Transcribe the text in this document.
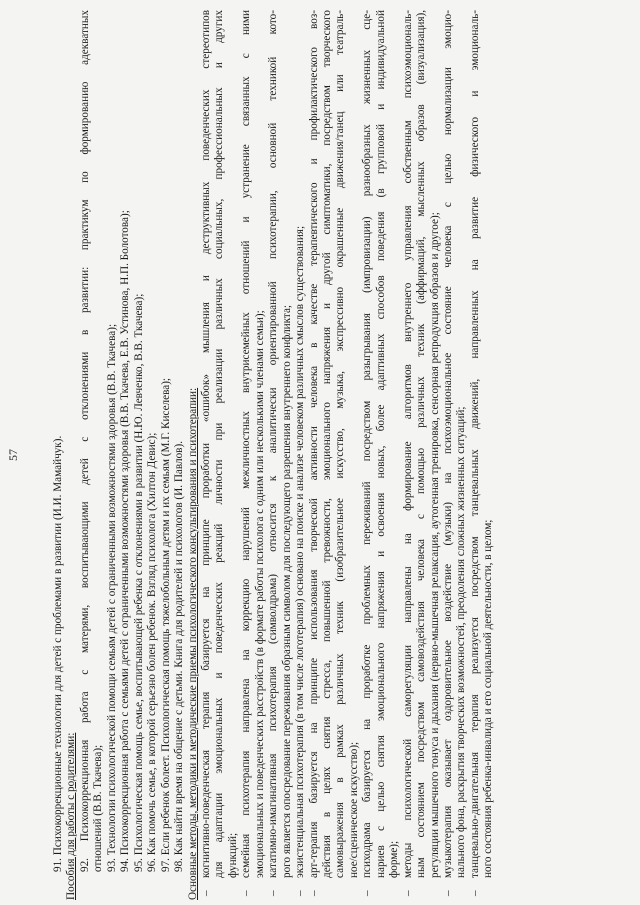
57	91. Психокоррекционные технологии для детей с проблемами в развитии (И.И. Мамайчук). Пособия для работы с родителями: 92. Психокоррекционная работа с матерями, воспитывающими детей с отклонениями в развитии: практикум по формированию адекватных отношений (В.В. Ткачева); 93. Технологии психологической помощи семьям детей с ограниченными возможностями здоровья (В.В. Ткачева); 94. Психокоррекционная работа с семьями детей с ограниченными возможностями здоровья (В.В. Ткачева, Е.В. Устинова, Н.П. Болотова); 95. Психологическая помощь семье, воспитывающей ребенка с отклонениями в развитии (Н.Ю. Левченко, В.В. Ткачева); 96. Как помочь семье, в которой серьезно болен ребенок. Взгляд психолога (Хилтон Девис); 97. Если ребенок болеет. Психологическая помощь тяжелобольным детям и их семьям (М.Г. Киселева); 98. Как найти время на общение с детьми. Книга для родителей и психологов (И. Павлов). Основные методы, методики и методические приемы психологического консультирования и психотерапии: –
когнитивно-поведенческая терапия базируется на принципе проработки «ошибок» мышления и деструктивных поведенческих стереотипов для адаптации эмоциональных и поведенческих реакций личности при реализации различных социальных, профессиональных и других функций;
–
семейная психотерапия направлена на коррекцию нарушений межличностных внутрисемейных отношений и устранение связанных с ними эмоциональных и поведенческих расстройств (в формате работы психолога с одним или несколькими членами семьи);
–
кататимно-имагинативная психотерапия (символдрама) относится к аналитически ориентированной психотерапии, основной техникой кото- рого является опосредование переживания образным символом для последующего разрешения внутреннего конфликта;
–
экзистенциальная психотерапия (в том числе логотерапия) основано на поиске и анализе человеком различных смыслов существования;
–
арт-терапия базируется на принципе использования творческой активности человека в качестве терапевтического и профилактического воз- действия в целях снятия стресса, повышенной тревожности, эмоционального напряжения и другой симптоматики, посредством творческого самовыражения в рамках различных техник (изобразительное искусство, музыка, экспрессивно окрашенные движения/танец или театраль- ное/сценическое искусство);
–
психодрама базируется на проработке проблемных переживаний посредством разыгрывания (импровизации) разнообразных жизненных сце- нариев с целью снятия эмоционального напряжения и освоения новых, более адаптивных способов поведения (в групповой и индивидуальной форме);
–
методы психологической саморегуляции направлены на формирование алгоритмов внутреннего управления собственным психоэмоциональ- ным состоянием посредством самовоздействия человека с помощью различных техник (аффирмаций, мысленных образов (визуализация), регуляции мышечного тонуса и дыхания (нервно-мышечная релаксация, аутогенная тренировка, сенсорная репродукция образов и другое);
–
музыкотерапия оказывает оздоровительное воздействие (музыки) на психоэмоциональное состояние человека с целью нормализации эмоцио- нального фона, раскрытия творческих возможностей, преодоления сложных жизненных ситуаций;
–
танцевально-двигательная терапия реализуется посредством танцевальных движений, направленных на развитие физического и эмоциональ- ного состояния ребенка-инвалида и его социальной деятельности, в целом;
